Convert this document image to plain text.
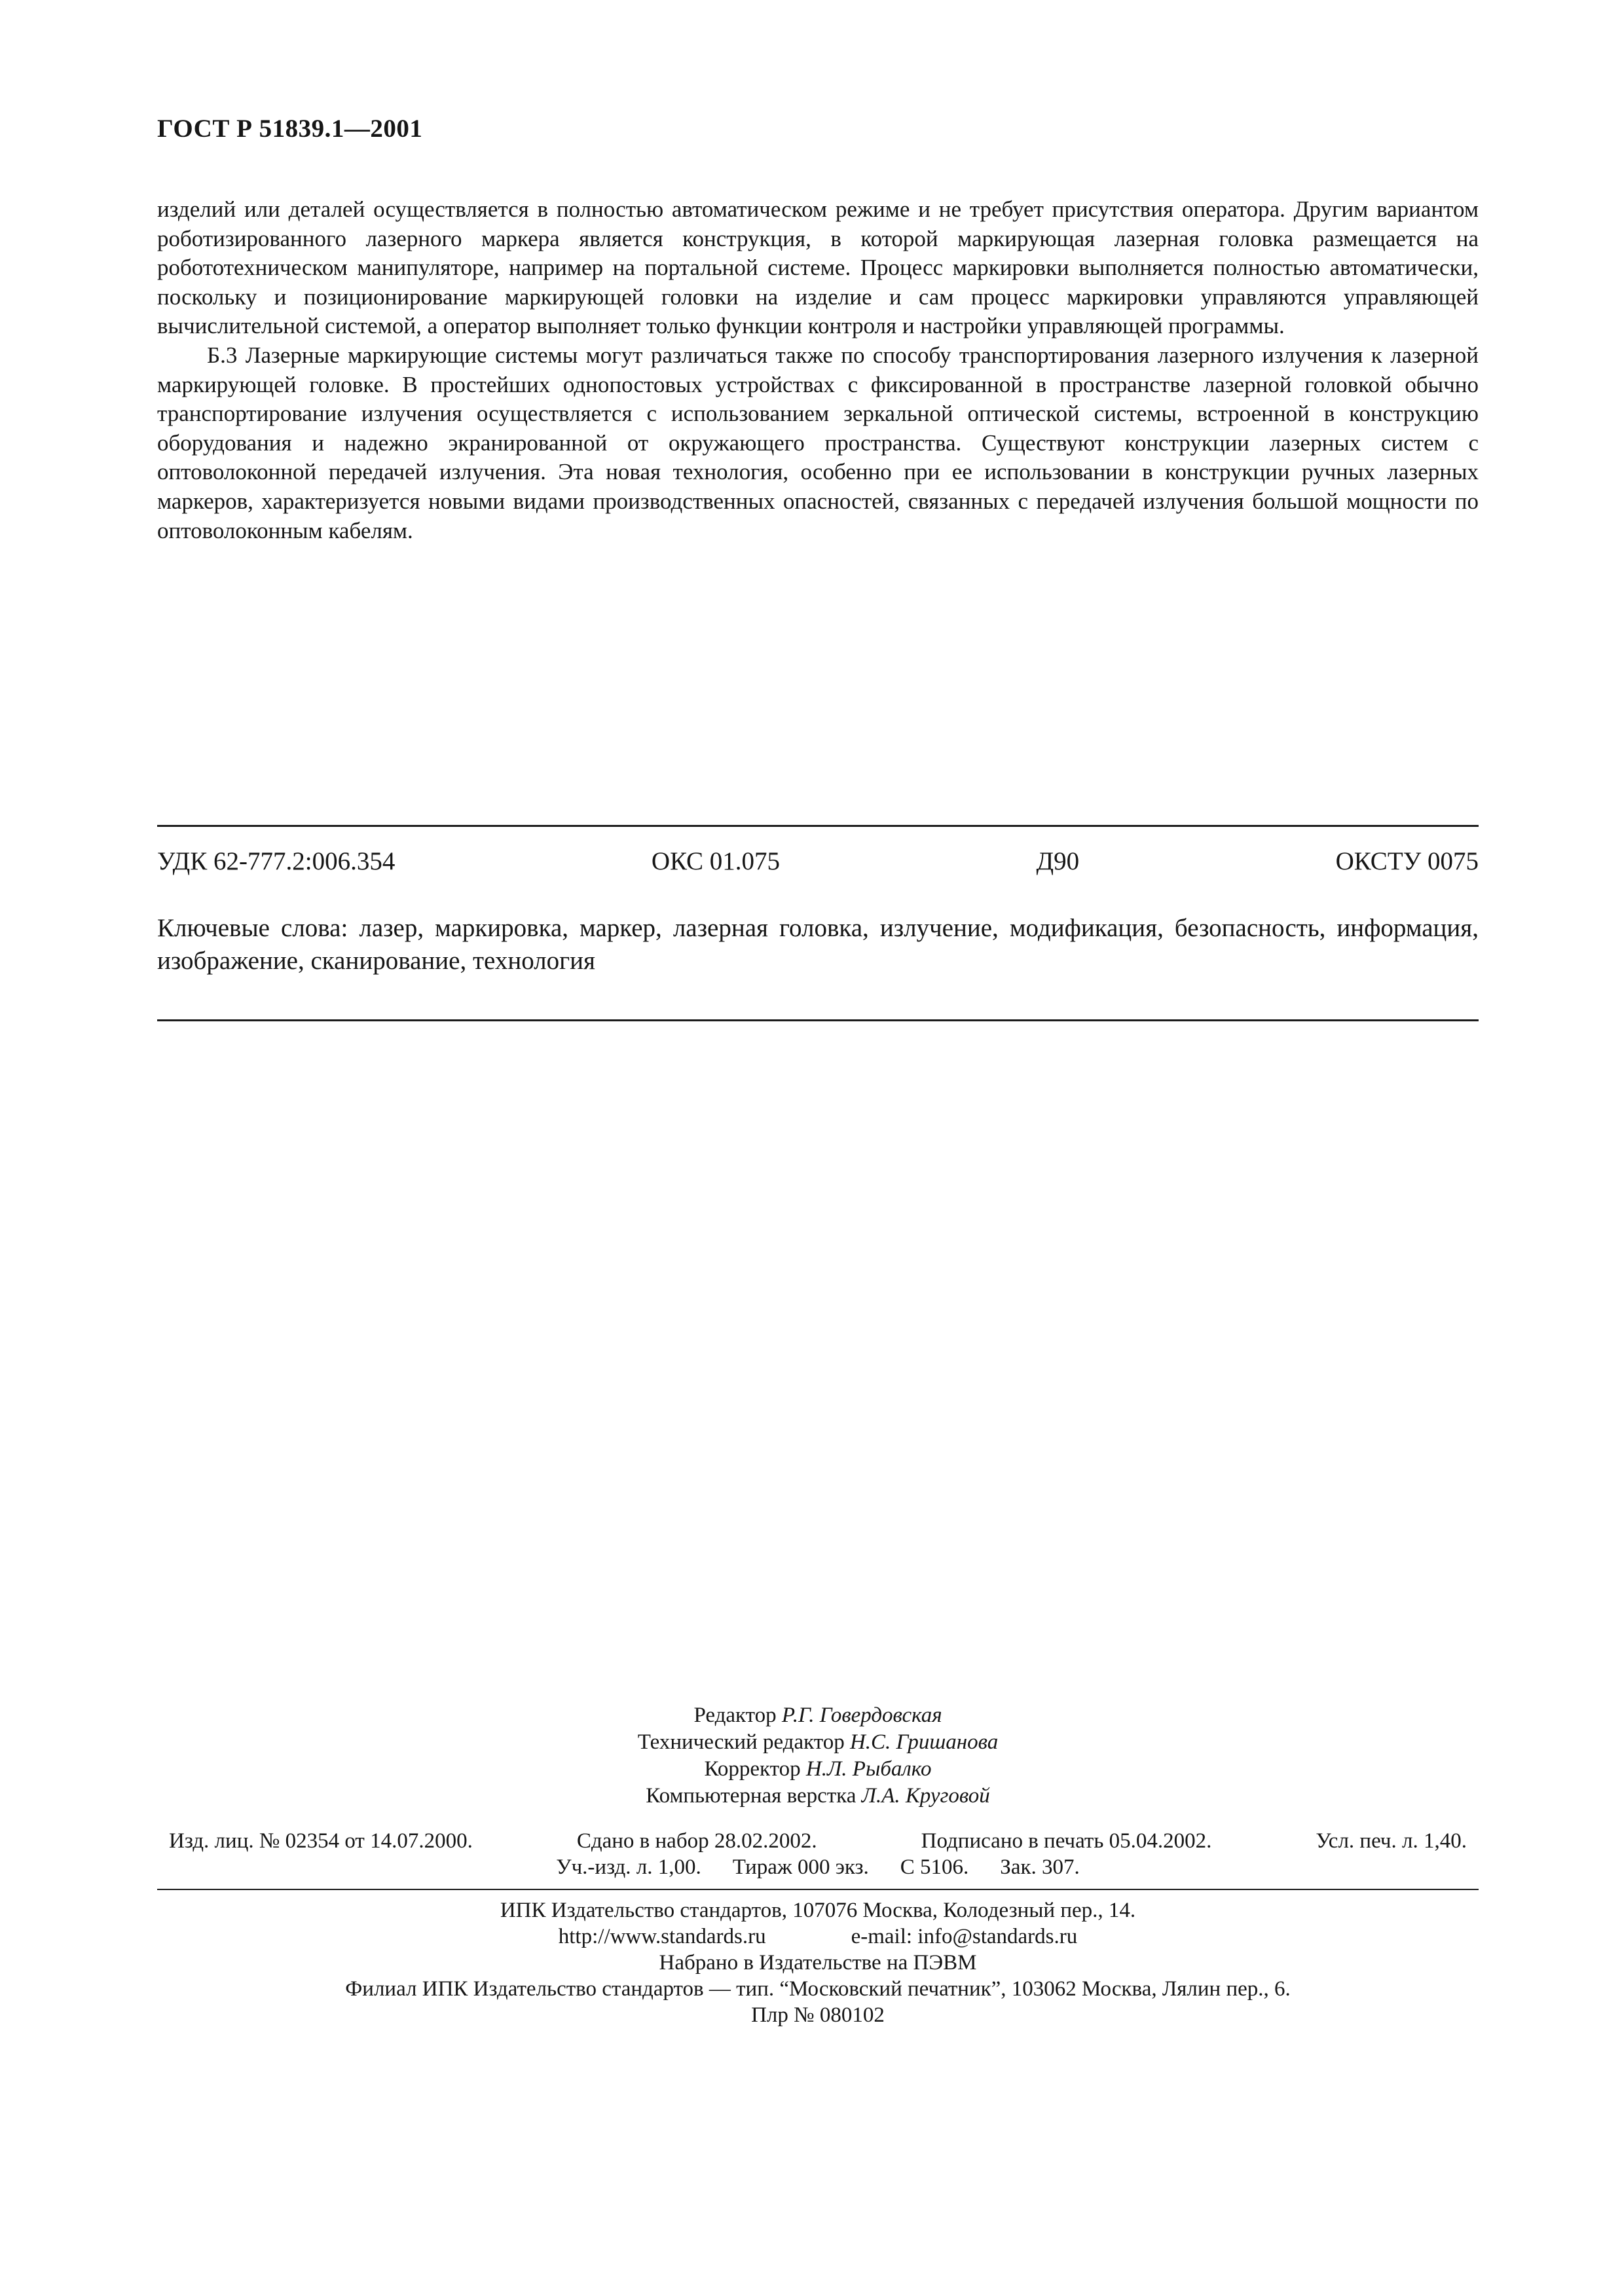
ГОСТ Р 51839.1—2001

изделий или деталей осуществляется в полностью автоматическом режиме и не требует присутствия оператора. Другим вариантом роботизированного лазерного маркера является конструкция, в которой маркирующая лазерная головка размещается на робототехническом манипуляторе, например на портальной системе. Процесс маркировки выполняется полностью автоматически, поскольку и позиционирование маркирующей головки на изделие и сам процесс маркировки управляются управляющей вычислительной системой, а оператор выполняет только функции контроля и настройки управляющей программы.

Б.3 Лазерные маркирующие системы могут различаться также по способу транспортирования лазерного излучения к лазерной маркирующей головке. В простейших однопостовых устройствах с фиксированной в пространстве лазерной головкой обычно транспортирование излучения осуществляется с использованием зеркальной оптической системы, встроенной в конструкцию оборудования и надежно экранированной от окружающего пространства. Существуют конструкции лазерных систем с оптоволоконной передачей излучения. Эта новая технология, особенно при ее использовании в конструкции ручных лазерных маркеров, характеризуется новыми видами производственных опасностей, связанных с передачей излучения большой мощности по оптоволоконным кабелям.

УДК 62-777.2:006.354	ОКС 01.075	Д90	ОКСТУ 0075
Ключевые слова: лазер, маркировка, маркер, лазерная головка, излучение, модификация, безопасность, информация, изображение, сканирование, технология
Редактор Р.Г. Говердовская
Технический редактор Н.С. Гришанова
Корректор Н.Л. Рыбалко
Компьютерная верстка Л.А. Круговой
Изд. лиц. № 02354 от 14.07.2000.	Сдано в набор 28.02.2002.	Подписано в печать 05.04.2002.	Усл. печ. л. 1,40.
Уч.-изд. л. 1,00. Тираж 000 экз. С 5106. Зак. 307.
ИПК Издательство стандартов, 107076 Москва, Колодезный пер., 14.
http://www.standards.ru	e-mail: info@standards.ru
Набрано в Издательстве на ПЭВМ
Филиал ИПК Издательство стандартов — тип. “Московский печатник”, 103062 Москва, Лялин пер., 6.
Плр № 080102
